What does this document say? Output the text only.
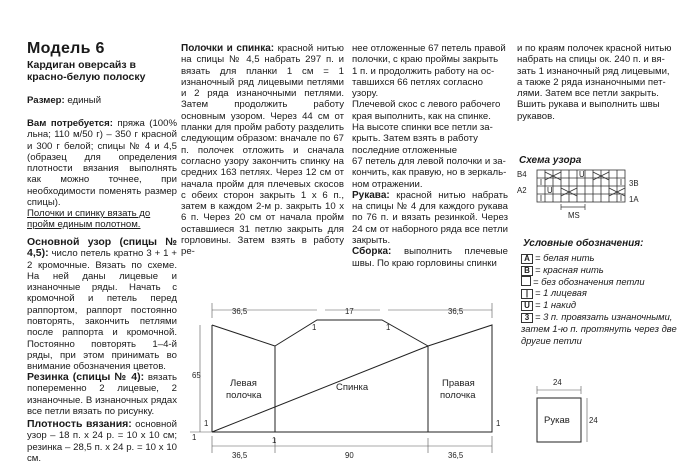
Модель 6
Кардиган оверсайз в красно-белую полоску
Размер: единый
Вам потребуется: пряжа (100% льна; 110 м/50 г) – 350 г красной и 300 г белой; спицы № 4 и 4,5 (образец для определения плотности вязания выполнять как можно точнее, при необходимости поменять размер спицы).
Полочки и спинку вязать до пройм единым полотном.
Основной узор (спицы № 4,5): число петель кратно 3 + 1 + 2 кромочные. Вязать по схеме. На ней даны лицевые и изнаночные ряды. Начать с кромочной и петель перед раппортом, раппорт постоянно повторять, закончить петлями после раппорта и кромочной. Постоянно повторять 1–4-й ряды, при этом принимать во внимание обозначения цветов.
Резинка (спицы № 4): вязать попеременно 2 лицевые, 2 изнаночные. В изнаночных рядах все петли вязать по рисунку.
Плотность вязания: основной узор – 18 п. х 24 р. = 10 х 10 см; резинка – 28,5 п. х 24 р. = 10 х 10 см.
Полочки и спинка: красной нитью на спицы № 4,5 набрать 297 п. и вязать для планки 1 см = 1 изнаночный ряд лицевыми петлями и 2 ряда изнаночными петлями. Затем продолжить работу основным узором. Через 44 см от планки для пройм работу разделить следующим образом: вначале по 67 п. полочек отложить и сначала согласно узору закончить спинку на средних 163 петлях. Через 12 см от начала пройм для плечевых скосов с обеих сторон закрыть 1 х 6 п., затем в каждом 2-м р. закрыть 10 х 6 п. Через 20 см от начала пройм оставшиеся 31 петлю закрыть для горловины. Затем взять в работу ре-
нее отложенные 67 петель правой
полочки, с краю проймы закрыть
1 п. и продолжить работу на ос-
тавшихся 66 петлях согласно узору.
Плечевой скос с левого рабочего
края выполнить, как на спинке.
На высоте спинки все петли за-
крыть. Затем взять в работу
последние отложенные
67 петель для левой полочки и за-
кончить, как правую, но в зеркаль-
ном отражении.
Рукава: красной нитью набрать на спицы № 4 для каждого рукава по 76 п. и вязать резинкой. Через 24 см от наборного ряда все петли закрыть.
Сборка: выполнить плечевые швы. По краю горловины спинки
и по краям полочек красной нитью
набрать на спицы ок. 240 п. и вя-
зать 1 изнаночный ряд лицевыми,
а также 2 ряда изнаночными пет-
лями. Затем все петли закрыть.
Вшить рукава и выполнить швы
рукавов.
Схема узора
В4
А2
3В
1А
U
U
MS
Условные обозначения:
A = белая нить
B = красная нить
= без обозначения петли
| = 1 лицевая
U = 1 накид
3 = 3 п. провязать изнаночными, затем 1-ю п. протянуть через две другие петли
36,5	17	36,5
1	1
65
1
1
1
36,5	90	36,5
Левая
полочка
Спинка	Правая
полочка
1
24
24
Рукав
